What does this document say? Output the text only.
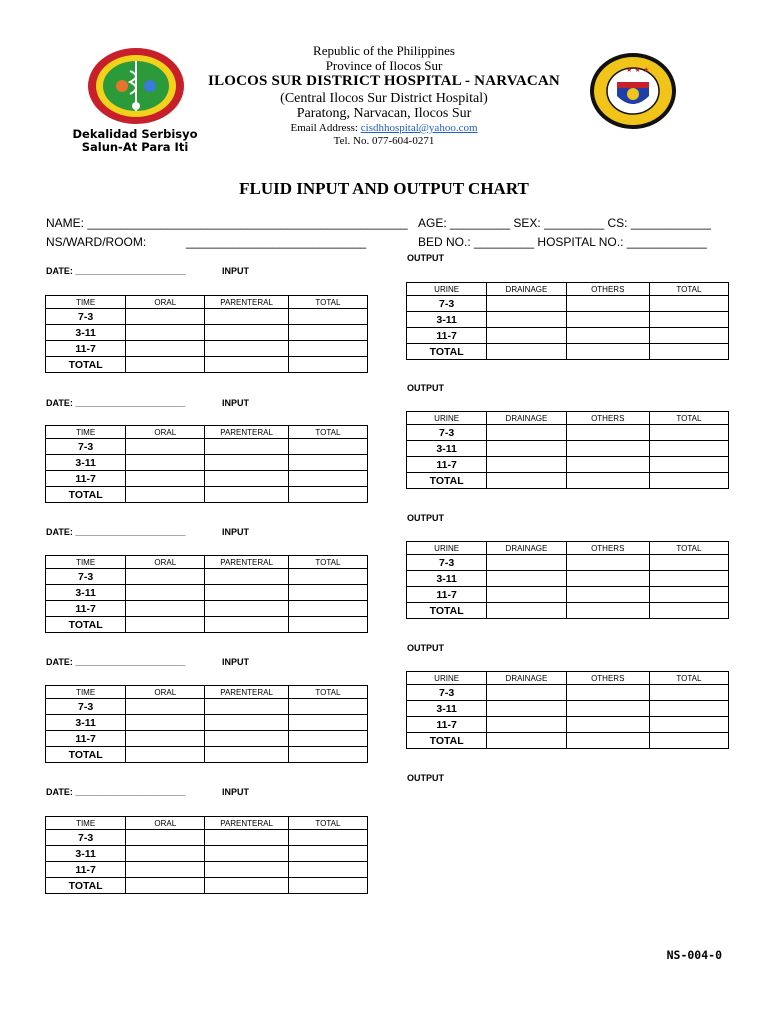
★ ★ ★
Republic of the Philippines
Province of Ilocos Sur
ILOCOS SUR DISTRICT HOSPITAL - NARVACAN
(Central Ilocos Sur District Hospital)
Paratong, Narvacan, Ilocos Sur
Email Address: cisdhhospital@yahoo.com
Tel. No. 077-604-0271
Dekalidad Serbisyo
Salun-At Para Iti
FLUID INPUT AND OUTPUT CHART
NAME: ________________________________________________
NS/WARD/ROOM:	___________________________
AGE: _________ SEX: _________ CS: ____________
BED NO.: _________ HOSPITAL NO.: ____________
DATE: ______________________	INPUT
TIME	ORAL	PARENTERAL	TOTAL
7-3			
3-11			
11-7			
TOTAL			
DATE: ______________________	INPUT
TIME	ORAL	PARENTERAL	TOTAL
7-3			
3-11			
11-7			
TOTAL			
DATE: ______________________	INPUT
TIME	ORAL	PARENTERAL	TOTAL
7-3			
3-11			
11-7			
TOTAL			
DATE: ______________________	INPUT
TIME	ORAL	PARENTERAL	TOTAL
7-3			
3-11			
11-7			
TOTAL			
DATE: ______________________	INPUT
TIME	ORAL	PARENTERAL	TOTAL
7-3			
3-11			
11-7			
TOTAL			
OUTPUT
URINE	DRAINAGE	OTHERS	TOTAL
7-3			
3-11			
11-7			
TOTAL			
OUTPUT
URINE	DRAINAGE	OTHERS	TOTAL
7-3			
3-11			
11-7			
TOTAL			
OUTPUT
URINE	DRAINAGE	OTHERS	TOTAL
7-3			
3-11			
11-7			
TOTAL			
OUTPUT
URINE	DRAINAGE	OTHERS	TOTAL
7-3			
3-11			
11-7			
TOTAL			
OUTPUT
NS-004-0
